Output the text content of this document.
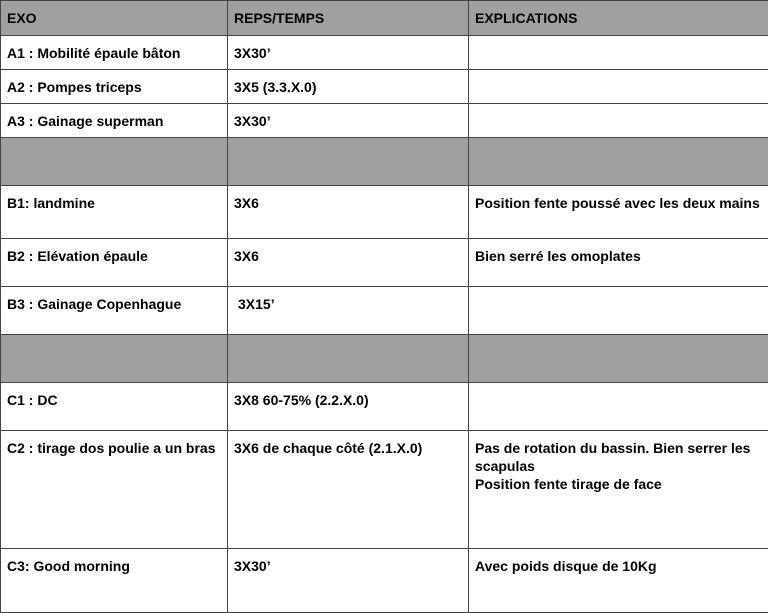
EXO	REPS/TEMPS	EXPLICATIONS
A1 : Mobilité épaule bâton	3X30’	
A2 : Pompes triceps	3X5 (3.3.X.0)	
A3 : Gainage superman	3X30’	

B1: landmine	3X6	Position fente poussé avec les deux mains
B2 : Elévation épaule	3X6	Bien serré les omoplates
B3 : Gainage Copenhague	3X15’	

C1 : DC	3X8 60-75% (2.2.X.0)	
C2 : tirage dos poulie a un bras	3X6 de chaque côté (2.1.X.0)	Pas de rotation du bassin. Bien serrer les scapulas
Position fente tirage de face
C3: Good morning	3X30’	Avec poids disque de 10Kg
